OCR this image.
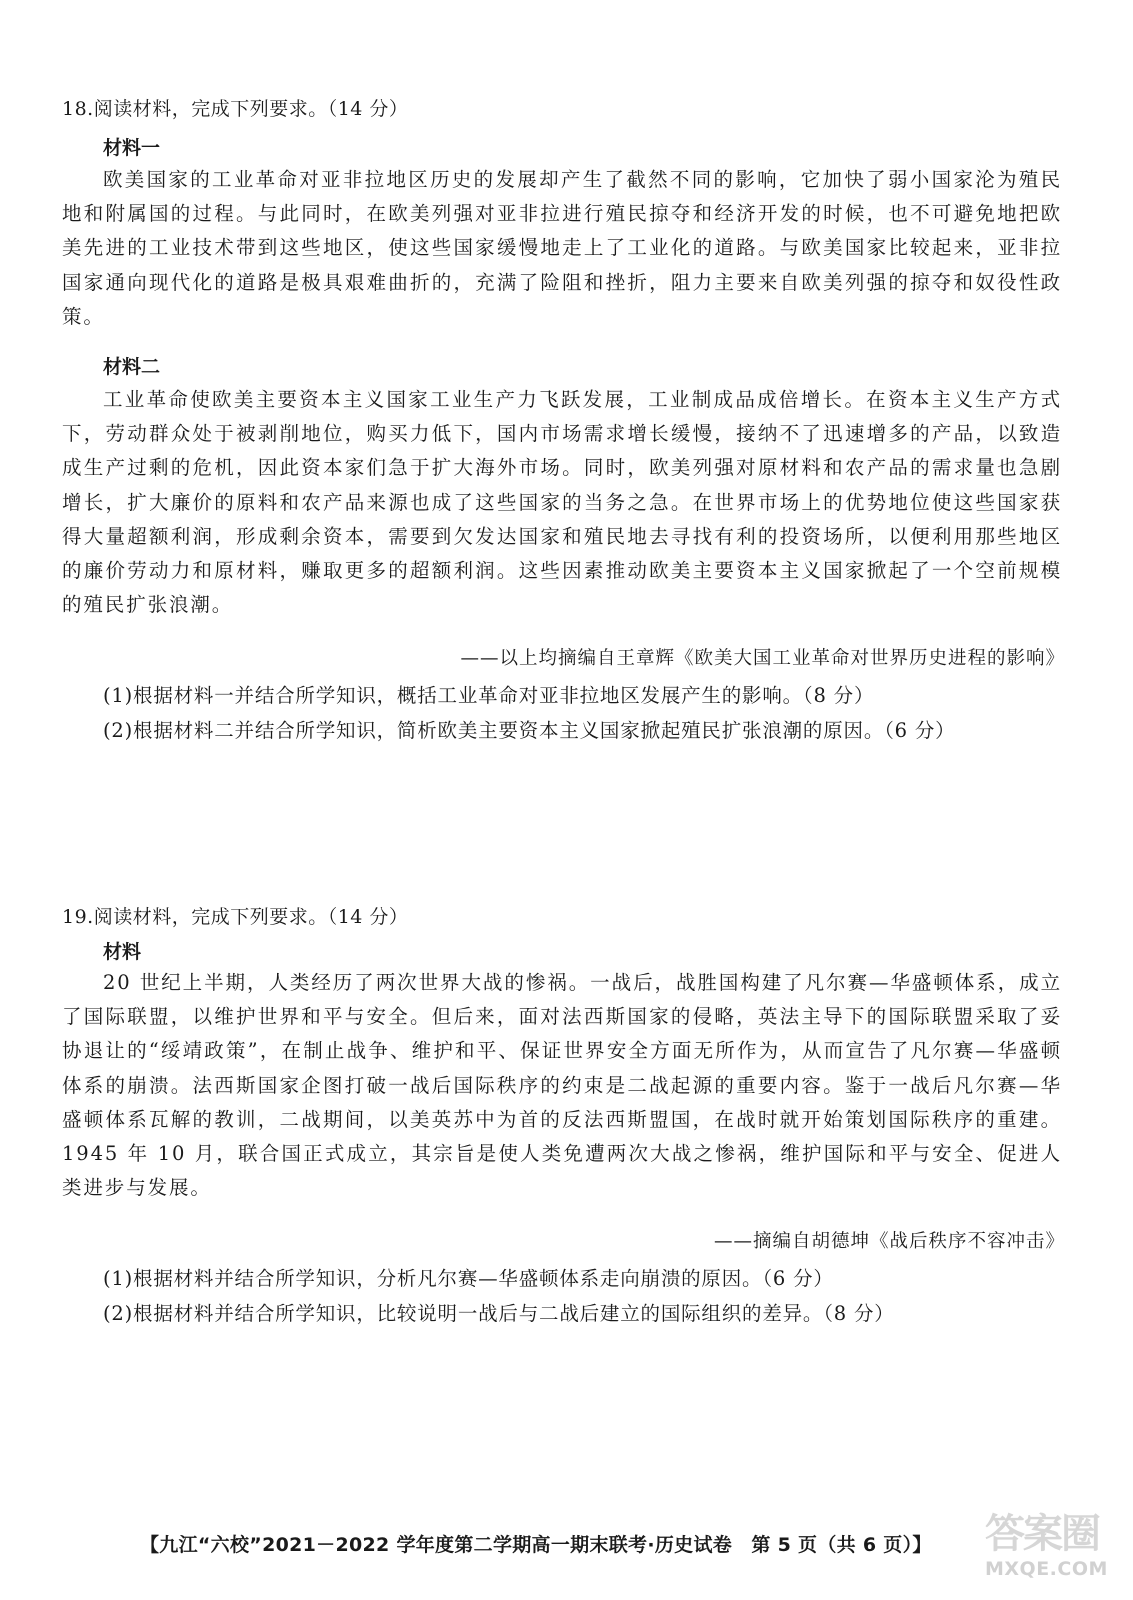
18.阅读材料，完成下列要求。（14 分）
材料一

欧美国家的工业革命对亚非拉地区历史的发展却产生了截然不同的影响，它加快了弱小国家沦为殖民地和附属国的过程。与此同时，在欧美列强对亚非拉进行殖民掠夺和经济开发的时候，也不可避免地把欧美先进的工业技术带到这些地区，使这些国家缓慢地走上了工业化的道路。与欧美国家比较起来，亚非拉国家通向现代化的道路是极具艰难曲折的，充满了险阻和挫折，阻力主要来自欧美列强的掠夺和奴役性政策。

材料二

工业革命使欧美主要资本主义国家工业生产力飞跃发展，工业制成品成倍增长。在资本主义生产方式下，劳动群众处于被剥削地位，购买力低下，国内市场需求增长缓慢，接纳不了迅速增多的产品，以致造成生产过剩的危机，因此资本家们急于扩大海外市场。同时，欧美列强对原材料和农产品的需求量也急剧增长，扩大廉价的原料和农产品来源也成了这些国家的当务之急。在世界市场上的优势地位使这些国家获得大量超额利润，形成剩余资本，需要到欠发达国家和殖民地去寻找有利的投资场所，以便利用那些地区的廉价劳动力和原材料，赚取更多的超额利润。这些因素推动欧美主要资本主义国家掀起了一个空前规模的殖民扩张浪潮。

——以上均摘编自王章辉《欧美大国工业革命对世界历史进程的影响》
(1)根据材料一并结合所学知识，概括工业革命对亚非拉地区发展产生的影响。（8 分）
(2)根据材料二并结合所学知识，简析欧美主要资本主义国家掀起殖民扩张浪潮的原因。（6 分）
19.阅读材料，完成下列要求。（14 分）
材料

20 世纪上半期，人类经历了两次世界大战的惨祸。一战后，战胜国构建了凡尔赛—华盛顿体系，成立了国际联盟，以维护世界和平与安全。但后来，面对法西斯国家的侵略，英法主导下的国际联盟采取了妥协退让的“绥靖政策”，在制止战争、维护和平、保证世界安全方面无所作为，从而宣告了凡尔赛—华盛顿体系的崩溃。法西斯国家企图打破一战后国际秩序的约束是二战起源的重要内容。鉴于一战后凡尔赛—华盛顿体系瓦解的教训，二战期间，以美英苏中为首的反法西斯盟国，在战时就开始策划国际秩序的重建。1945 年 10 月，联合国正式成立，其宗旨是使人类免遭两次大战之惨祸，维护国际和平与安全、促进人类进步与发展。

——摘编自胡德坤《战后秩序不容冲击》
(1)根据材料并结合所学知识，分析凡尔赛—华盛顿体系走向崩溃的原因。（6 分）
(2)根据材料并结合所学知识，比较说明一战后与二战后建立的国际组织的差异。（8 分）
【九江“六校”2021－2022 学年度第二学期高一期末联考·历史试卷　第 5 页（共 6 页）】 答案圈
MXQE.COM
